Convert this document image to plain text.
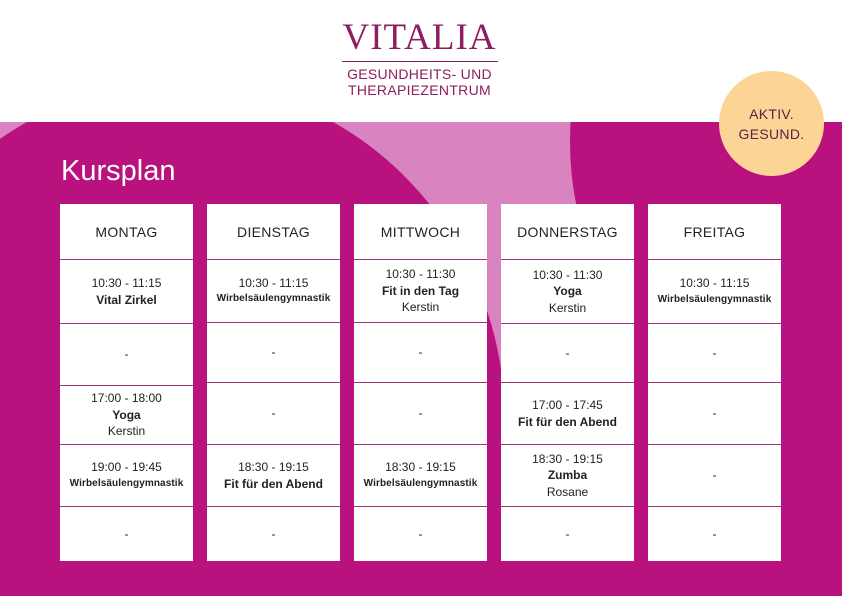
VITALIA
GESUNDHEITS- UND
THERAPIEZENTRUM
AKTIV.
GESUND.
Kursplan
MONTAG
10:30 - 11:15
Vital Zirkel
-
17:00 - 18:00
Yoga
Kerstin
19:00 - 19:45
Wirbelsäulengymnastik
-
DIENSTAG
10:30 - 11:15
Wirbelsäulengymnastik
-
-
18:30 - 19:15
Fit für den Abend
-
MITTWOCH
10:30 - 11:30
Fit in den Tag
Kerstin
-
-
18:30 - 19:15
Wirbelsäulengymnastik
-
DONNERSTAG
10:30 - 11:30
Yoga
Kerstin
-
17:00 - 17:45
Fit für den Abend
18:30 - 19:15
Zumba
Rosane
-
FREITAG
10:30 - 11:15
Wirbelsäulengymnastik
-
-
-
-
